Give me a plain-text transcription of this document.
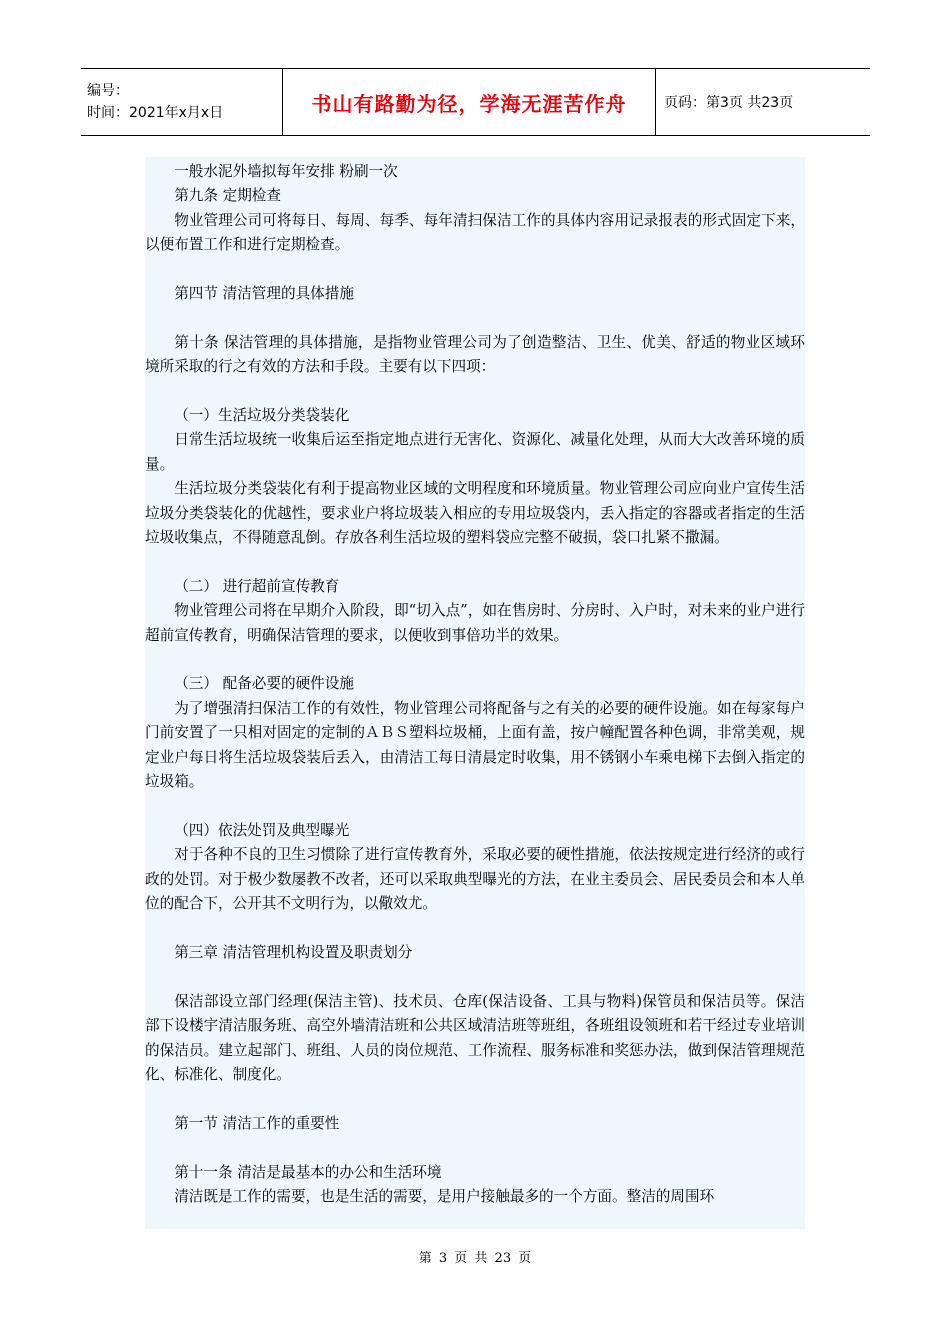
编号：
时间：2021年x月x日	书山有路勤为径，学海无涯苦作舟	页码：第3页 共23页

一般水泥外墙拟每年安排 粉刷一次

第九条 定期检查

物业管理公司可将每日、每周、每季、每年清扫保洁工作的具体内容用记录报表的形式固定下来，以便布置工作和进行定期检查。

第四节 清洁管理的具体措施

第十条 保洁管理的具体措施，是指物业管理公司为了创造整洁、卫生、优美、舒适的物业区域环境所采取的行之有效的方法和手段。主要有以下四项：

（一）生活垃圾分类袋装化

日常生活垃圾统一收集后运至指定地点进行无害化、资源化、减量化处理，从而大大改善环境的质量。

生活垃圾分类袋装化有利于提高物业区域的文明程度和环境质量。物业管理公司应向业户宣传生活垃圾分类袋装化的优越性，要求业户将垃圾装入相应的专用垃圾袋内，丢入指定的容器或者指定的生活垃圾收集点，不得随意乱倒。存放各利生活垃圾的塑料袋应完整不破损，袋口扎紧不撒漏。

（二） 进行超前宣传教育

物业管理公司将在早期介入阶段，即“切入点”，如在售房时、分房时、入户时，对未来的业户进行超前宣传教育，明确保洁管理的要求，以便收到事倍功半的效果。

（三） 配备必要的硬件设施

为了增强清扫保洁工作的有效性，物业管理公司将配备与之有关的必要的硬件设施。如在每家每户门前安置了一只相对固定的定制的ＡＢＳ塑料垃圾桶，上面有盖，按户幢配置各种色调，非常美观，规定业户每日将生活垃圾袋装后丢入，由清洁工每日清晨定时收集，用不锈钢小车乘电梯下去倒入指定的垃圾箱。

（四）依法处罚及典型曝光

对于各种不良的卫生习惯除了进行宣传教育外，采取必要的硬性措施，依法按规定进行经济的或行政的处罚。对于极少数屡教不改者，还可以采取典型曝光的方法，在业主委员会、居民委员会和本人单位的配合下，公开其不文明行为，以儆效尤。

第三章 清洁管理机构设置及职责划分

保洁部设立部门经理(保洁主管)、技术员、仓库(保洁设备、工具与物料)保管员和保洁员等。保洁部下设楼宇清洁服务班、高空外墙清洁班和公共区域清洁班等班组，各班组设领班和若干经过专业培训的保洁员。建立起部门、班组、人员的岗位规范、工作流程、服务标准和奖惩办法，做到保洁管理规范化、标准化、制度化。

第一节 清洁工作的重要性

第十一条 清洁是最基本的办公和生活环境

清洁既是工作的需要，也是生活的需要，是用户接触最多的一个方面。整洁的周围环

第 3 页 共 23 页
